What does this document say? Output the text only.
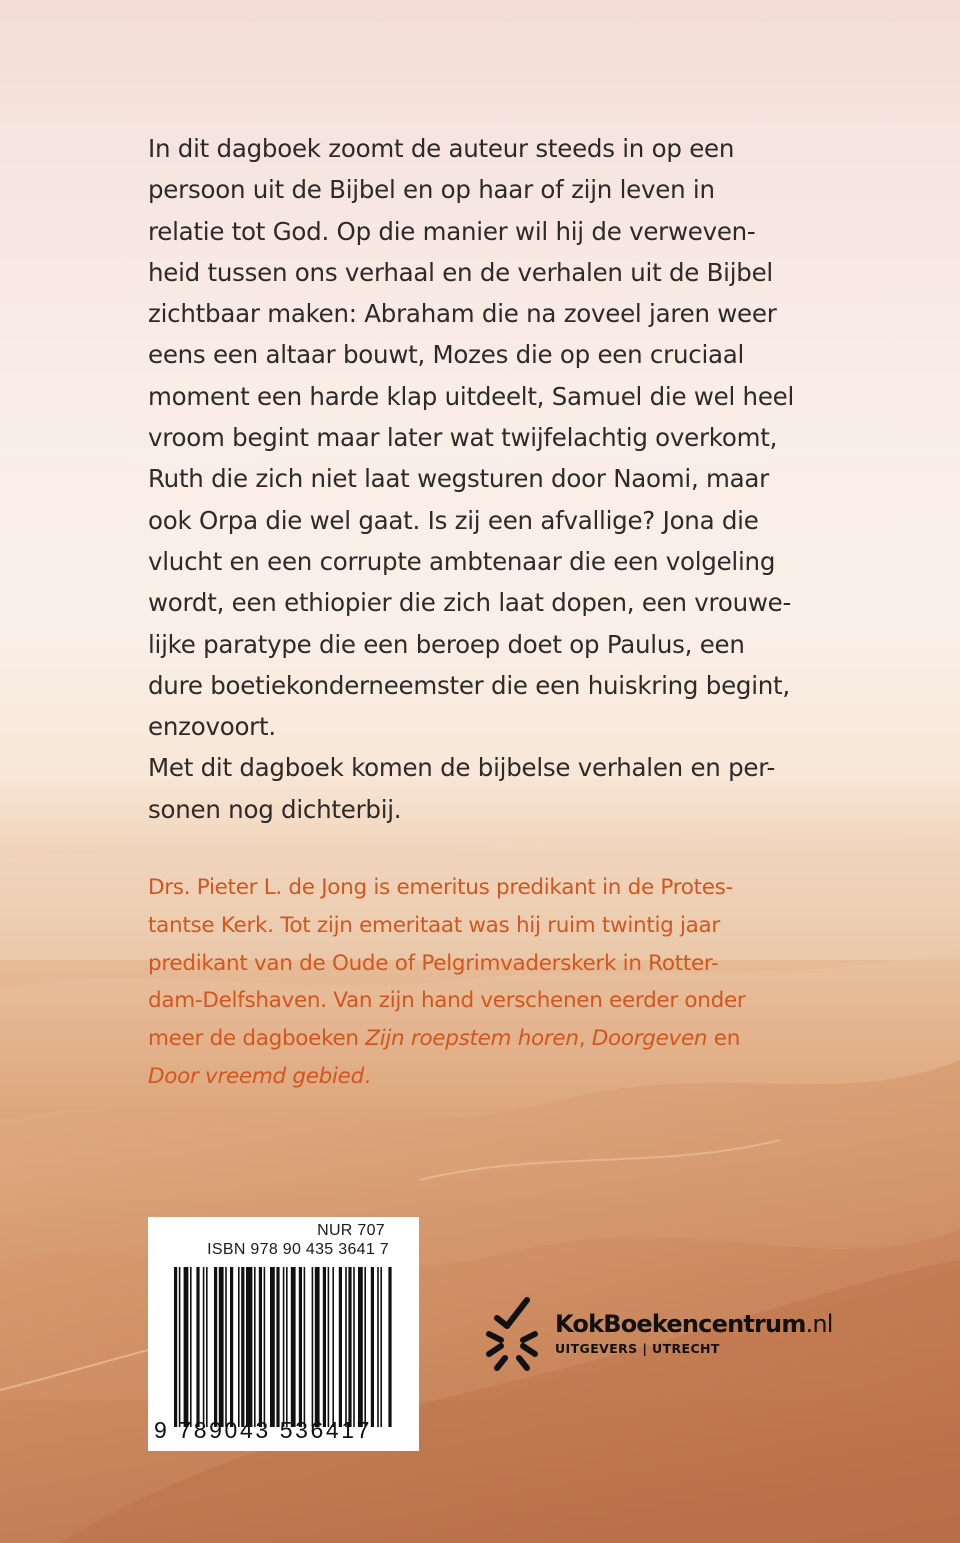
In dit dagboek zoomt de auteur steeds in op een
persoon uit de Bijbel en op haar of zijn leven in
relatie tot God. Op die manier wil hij de verweven-
heid tussen ons verhaal en de verhalen uit de Bijbel
zichtbaar maken: Abraham die na zoveel jaren weer
eens een altaar bouwt, Mozes die op een cruciaal
moment een harde klap uitdeelt, Samuel die wel heel
vroom begint maar later wat twijfelachtig overkomt,
Ruth die zich niet laat wegsturen door Naomi, maar
ook Orpa die wel gaat. Is zij een afvallige? Jona die
vlucht en een corrupte ambtenaar die een volgeling
wordt, een ethiopier die zich laat dopen, een vrouwe-
lijke paratype die een beroep doet op Paulus, een
dure boetiekonderneemster die een huiskring begint,
enzovoort.
Met dit dagboek komen de bijbelse verhalen en per-
sonen nog dichterbij.

Drs. Pieter L. de Jong is emeritus predikant in de Protes-
tantse Kerk. Tot zijn emeritaat was hij ruim twintig jaar
predikant van de Oude of Pelgrimvaderskerk in Rotter-
dam-Delfshaven. Van zijn hand verschenen eerder onder
meer de dagboeken Zijn roepstem horen, Doorgeven en
Door vreemd gebied.

NUR 707
ISBN 978 90 435 3641 7
9 789043 536417
KokBoekencentrum.nl
UITGEVERS | UTRECHT
